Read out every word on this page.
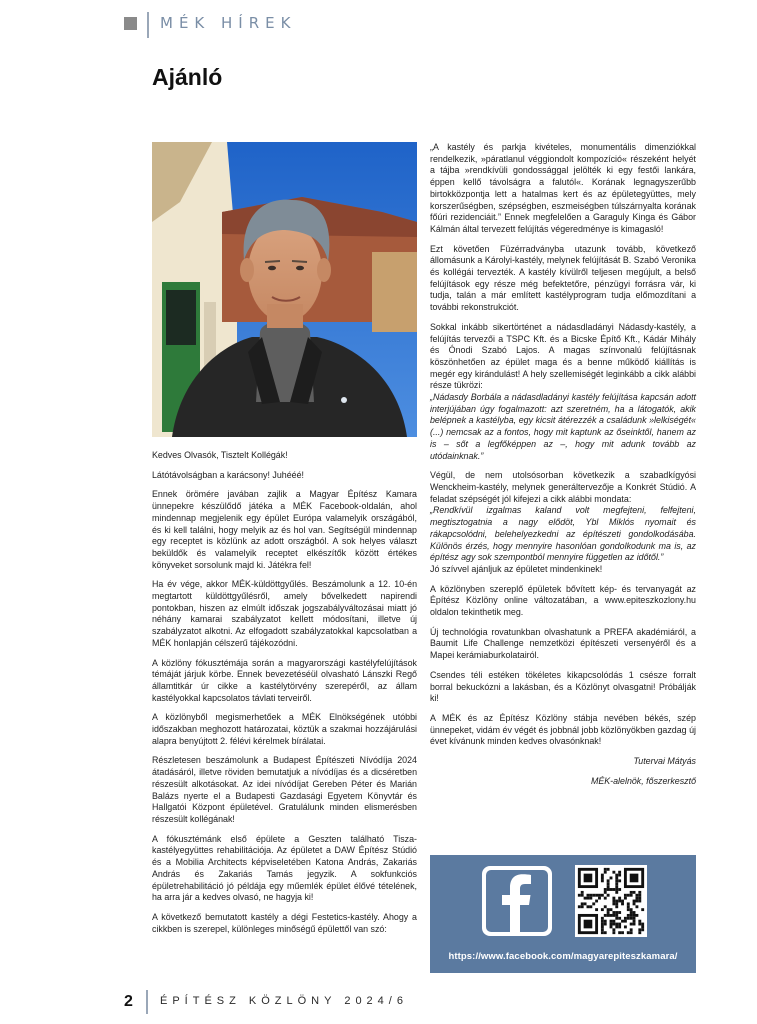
MÉK HÍREK
Ajánló

Kedves Olvasók, Tisztelt Kollégák!

Látótávolságban a karácsony! Juhééé!

Ennek örömére javában zajlik a Magyar Építész Kamara ünnepekre készülődő játéka a MÉK Facebook-oldalán, ahol mindennap megjelenik egy épület Európa valamelyik országából, és ki kell találni, hogy melyik az és hol van. Segítségül mindennap egy receptet is közlünk az adott országból. A sok helyes választ beküldők és valamelyik receptet elkészítők között értékes könyveket sorsolunk majd ki. Játékra fel!

Ha év vége, akkor MÉK-küldöttgyűlés. Beszámolunk a 12. 10-én megtartott küldöttgyűlésről, amely bővelkedett napirendi pontokban, hiszen az elmúlt időszak jogszabályváltozásai miatt jó néhány kamarai szabályzatot kellett módosítani, illetve új szabályzatot alkotni. Az elfogadott szabályzatokkal kapcsolatban a MÉK honlapján célszerű tájékozódni.

A közlöny fókusztémája során a magyarországi kastélyfelújítások témáját járjuk körbe. Ennek bevezetéséül olvasható Lánszki Regő államtitkár úr cikke a kastélytörvény szerepéről, az állam kastélyokkal kapcsolatos távlati terveiről.

A közlönyből megismerhetőek a MÉK Elnökségének utóbbi időszakban meghozott határozatai, köztük a szakmai hozzájárulási alapra benyújtott 2. félévi kérelmek bírálatai.

Részletesen beszámolunk a Budapest Építészeti Nívódíja 2024 átadásáról, illetve röviden bemutatjuk a nívódíjas és a dicséretben részesült alkotásokat. Az idei nívódíjat Gereben Péter és Marián Balázs nyerte el a Budapesti Gazdasági Egyetem Könyvtár és Hallgatói Központ épületével. Gratulálunk minden elismerésben részesült kollégának!

A fókusztémánk első épülete a Geszten található Tisza-kastélyegyüttes rehabilitációja. Az épületet a DAW Építész Stúdió és a Mobilia Architects képviseletében Katona András, Zakariás András és Zakariás Tamás jegyzik. A sokfunkciós épületrehabilitáció jó példája egy műemlék épület élővé tételének, ha arra jár a kedves olvasó, ne hagyja ki!

A következő bemutatott kastély a dégi Festetics-kastély. Ahogy a cikkben is szerepel, különleges minőségű épülettől van szó:

„A kastély és parkja kivételes, monumentális dimenziókkal rendelkezik, »páratlanul véggiondolt kompozíció« részeként helyét a tájba »rendkívüli gondossággal jelölték ki egy festői lankára, éppen kellő távolságra a falutól«. Korának legnagyszerűbb birtokközpontja lett a hatalmas kert és az épületegyüttes, mely korszerűségben, szépségben, eszmeiségben túlszárnyalta korának főúri rezidenciáit.” Ennek megfelelően a Garaguly Kinga és Gábor Kálmán által tervezett felújítás végeredménye is kimagasló!

Ezt követően Füzérradványba utazunk tovább, következő állomásunk a Károlyi-kastély, melynek felújítását B. Szabó Veronika és kollégái tervezték. A kastély kívülről teljesen megújult, a belső felújítások egy része még befektetőre, pénzügyi forrásra vár, ki tudja, talán a már említett kastélyprogram tudja előmozdítani a további rekonstrukciót.

Sokkal inkább sikertörténet a nádasdladányi Nádasdy-kastély, a felújítás tervezői a TSPC Kft. és a Bicske Építő Kft., Kádár Mihály és Ónodi Szabó Lajos. A magas színvonalú felújításnak köszönhetően az épület maga és a benne működő kiállítás is megér egy kirándulást! A hely szellemiségét leginkább a cikk alábbi része tükrözi:

„Nádasdy Borbála a nádasdladányi kastély felújítása kapcsán adott interjújában úgy fogalmazott: azt szeretném, ha a látogatók, akik belépnek a kastélyba, egy kicsit átérezzék a családunk »lelkiségét« (...) nemcsak az a fontos, hogy mit kaptunk az őseinktől, hanem az is – sőt a legfőképpen az –, hogy mit adunk tovább az utódainknak.”

Végül, de nem utolsósorban következik a szabadkígyósi Wenckheim-kastély, melynek generáltervezője a Konkrét Stúdió. A feladat szépségét jól kifejezi a cikk alábbi mondata:

„Rendkívül izgalmas kaland volt megfejteni, felfejteni, megtisztogatnia a nagy elődöt, Ybl Miklós nyomait és rákapcsolódni, belehelyezkedni az építészeti gondolkodásába. Különös érzés, hogy mennyire hasonlóan gondolkodunk ma is, az építész agy sok szempontból mennyire független az időtől.”

Jó szívvel ajánljuk az épületet mindenkinek!

A közlönyben szereplő épületek bővített kép- és tervanyagát az Építész Közlöny online változatában, a www.epiteszkozlony.hu oldalon tekinthetik meg.

Új technológia rovatunkban olvashatunk a PREFA akadémiáról, a Baumit Life Challenge nemzetközi építészeti versenyéről és a Mapei kerámiaburkolatairól.

Csendes téli estéken tökéletes kikapcsolódás 1 csésze forralt borral bekuckózni a lakásban, és a Közlönyt olvasgatni! Próbálják ki!

A MÉK és az Építész Közlöny stábja nevében békés, szép ünnepeket, vidám év végét és jobbnál jobb közlönyökben gazdag új évet kívánunk minden kedves olvasónknak!

Tutervai Mátyás

MÉK-alelnök, főszerkesztő

https://www.facebook.com/magyarepiteszkamara/
2 ÉPÍTÉSZ KÖZLÖNY 2024/6
